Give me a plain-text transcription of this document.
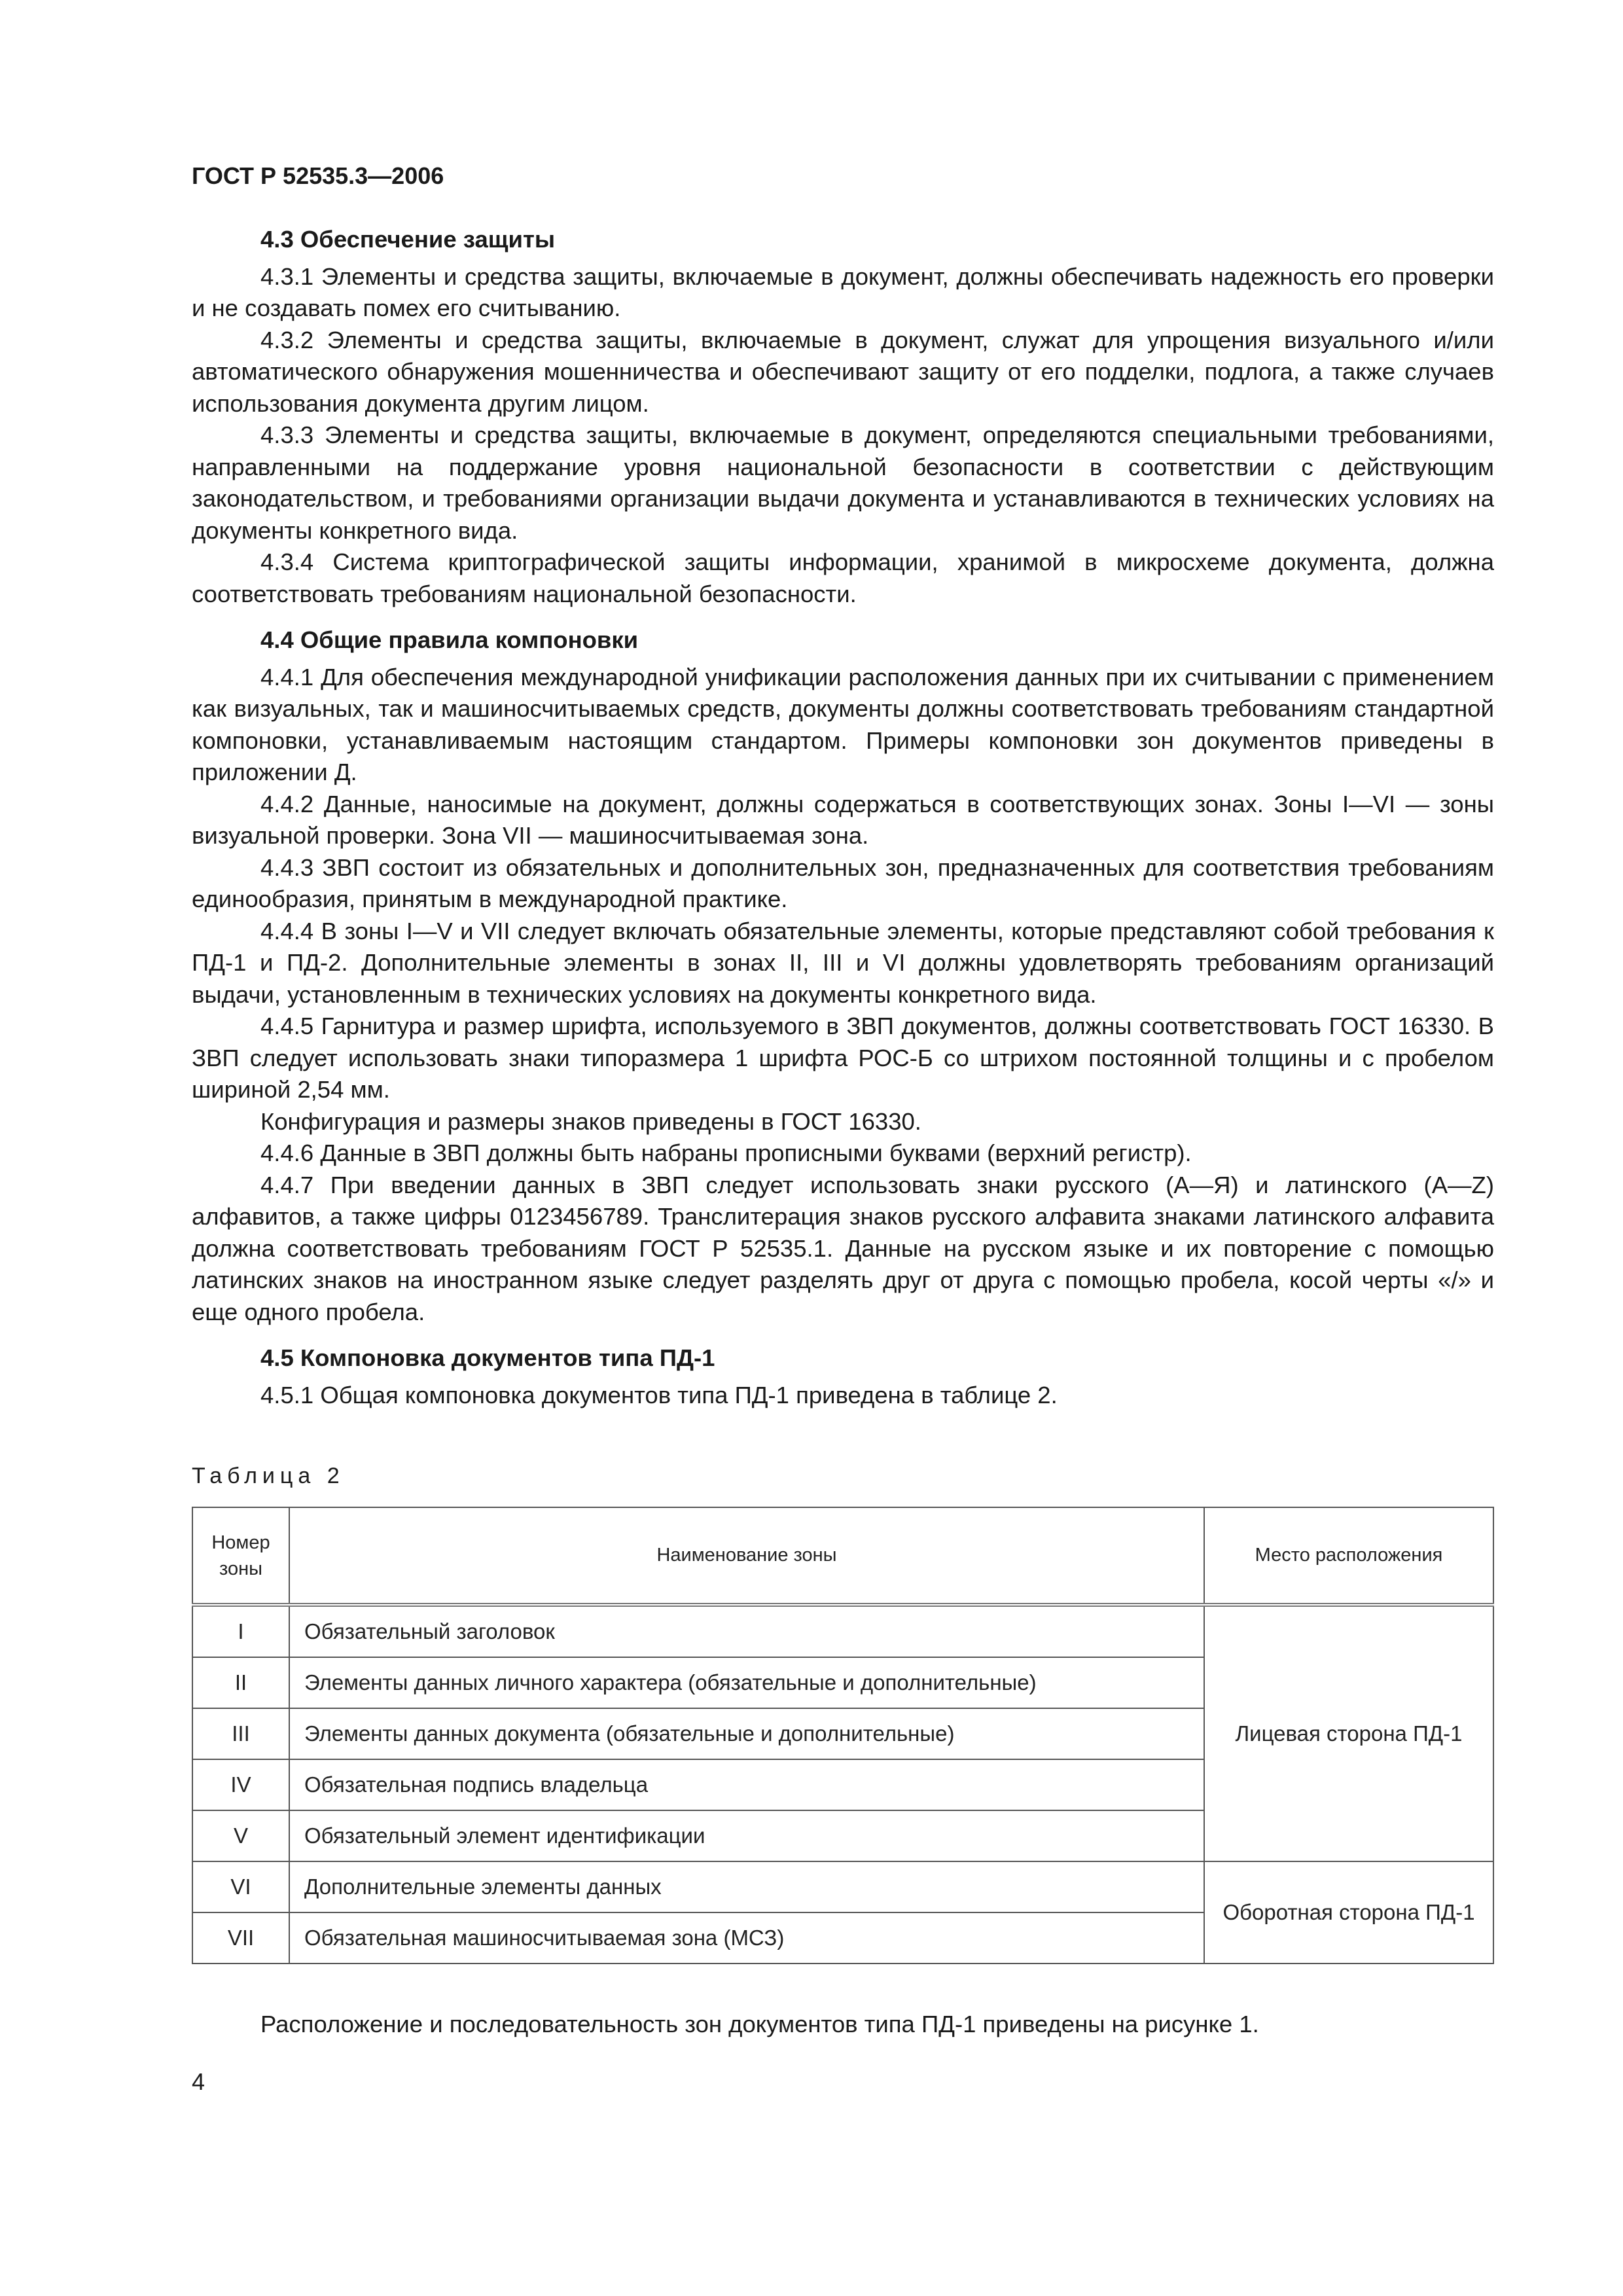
ГОСТ Р 52535.3—2006
4.3 Обеспечение защиты

4.3.1 Элементы и средства защиты, включаемые в документ, должны обеспечивать надежность его проверки и не создавать помех его считыванию.

4.3.2 Элементы и средства защиты, включаемые в документ, служат для упрощения визуального и/или автоматического обнаружения мошенничества и обеспечивают защиту от его подделки, подлога, а также случаев использования документа другим лицом.

4.3.3 Элементы и средства защиты, включаемые в документ, определяются специальными требованиями, направленными на поддержание уровня национальной безопасности в соответствии с действующим законодательством, и требованиями организации выдачи документа и устанавливаются в технических условиях на документы конкретного вида.

4.3.4 Система криптографической защиты информации, хранимой в микросхеме документа, должна соответствовать требованиям национальной безопасности.

4.4 Общие правила компоновки

4.4.1 Для обеспечения международной унификации расположения данных при их считывании с применением как визуальных, так и машиносчитываемых средств, документы должны соответствовать требованиям стандартной компоновки, устанавливаемым настоящим стандартом. Примеры компоновки зон документов приведены в приложении Д.

4.4.2 Данные, наносимые на документ, должны содержаться в соответствующих зонах. Зоны I—VI — зоны визуальной проверки. Зона VII — машиносчитываемая зона.

4.4.3 ЗВП состоит из обязательных и дополнительных зон, предназначенных для соответствия требованиям единообразия, принятым в международной практике.

4.4.4 В зоны I—V и VII следует включать обязательные элементы, которые представляют собой требования к ПД-1 и ПД-2. Дополнительные элементы в зонах II, III и VI должны удовлетворять требованиям организаций выдачи, установленным в технических условиях на документы конкретного вида.

4.4.5 Гарнитура и размер шрифта, используемого в ЗВП документов, должны соответствовать ГОСТ 16330. В ЗВП следует использовать знаки типоразмера 1 шрифта РОС-Б со штрихом постоянной толщины и с пробелом шириной 2,54 мм.

Конфигурация и размеры знаков приведены в ГОСТ 16330.

4.4.6 Данные в ЗВП должны быть набраны прописными буквами (верхний регистр).

4.4.7 При введении данных в ЗВП следует использовать знаки русского (А—Я) и латинского (A—Z) алфавитов, а также цифры 0123456789. Транслитерация знаков русского алфавита знаками латинского алфавита должна соответствовать требованиям ГОСТ Р 52535.1. Данные на русском языке и их повторение с помощью латинских знаков на иностранном языке следует разделять друг от друга с помощью пробела, косой черты «/» и еще одного пробела.

4.5 Компоновка документов типа ПД-1

4.5.1 Общая компоновка документов типа ПД-1 приведена в таблице 2.

Таблица 2
Номер зоны	Наименование зоны	Место расположения
I	Обязательный заголовок	Лицевая сторона ПД-1
II	Элементы данных личного характера (обязательные и дополнительные)	
III	Элементы данных документа (обязательные и дополнительные)	
IV	Обязательная подпись владельца	
V	Обязательный элемент идентификации	
VI	Дополнительные элементы данных	Оборотная сторона ПД-1
VII	Обязательная машиносчитываемая зона (МСЗ)	
Расположение и последовательность зон документов типа ПД-1 приведены на рисунке 1.
4
